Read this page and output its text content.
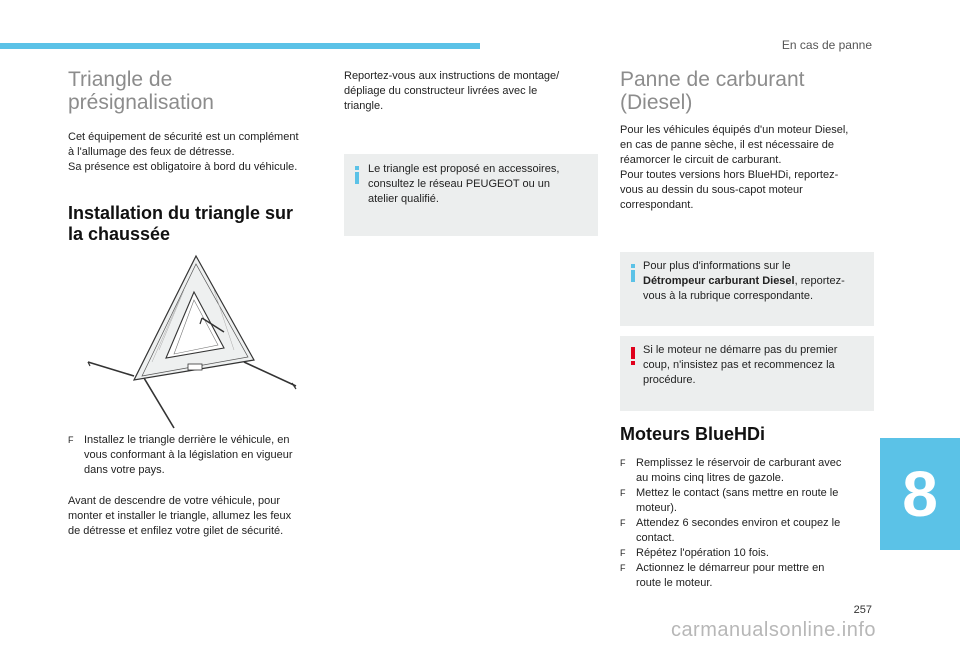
En cas de panne
Triangle de
présignalisation
Cet équipement de sécurité est un complément
à l'allumage des feux de détresse.
Sa présence est obligatoire à bord du véhicule.
Installation du triangle sur
la chaussée
F Installez le triangle derrière le véhicule, en
vous conformant à la législation en vigueur
dans votre pays.
Avant de descendre de votre véhicule, pour
monter et installer le triangle, allumez les feux
de détresse et enfilez votre gilet de sécurité.
Reportez-vous aux instructions de montage/
dépliage du constructeur livrées avec le
triangle.
Le triangle est proposé en accessoires,
consultez le réseau PEUGEOT ou un
atelier qualifié.
Panne de carburant
(Diesel)
Pour les véhicules équipés d'un moteur Diesel,
en cas de panne sèche, il est nécessaire de
réamorcer le circuit de carburant.
Pour toutes versions hors BlueHDi, reportez-
vous au dessin du sous-capot moteur
correspondant.
Pour plus d'informations sur le
Détrompeur carburant Diesel, reportez-
vous à la rubrique correspondante.
Si le moteur ne démarre pas du premier
coup, n'insistez pas et recommencez la
procédure.
Moteurs BlueHDi
F Remplissez le réservoir de carburant avec
au moins cinq litres de gazole.
F Mettez le contact (sans mettre en route le
moteur).
F Attendez 6 secondes environ et coupez le
contact.
F Répétez l'opération 10 fois.
F Actionnez le démarreur pour mettre en
route le moteur.
8
257
carmanualsonline.info
